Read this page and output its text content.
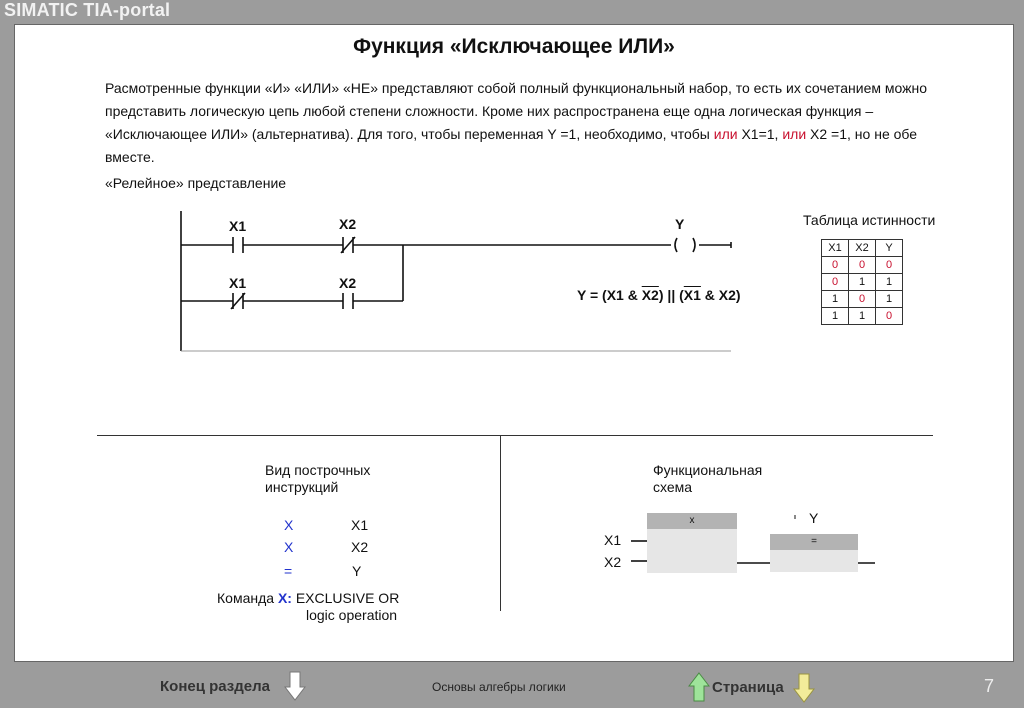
SIMATIC TIA-portal
Функция «Исключающее ИЛИ»
Расмотренные функции «И» «ИЛИ» «НЕ» представляют собой полный функциональный набор, то есть их сочетанием можно представить логическую цепь любой степени сложности. Кроме них распространена еще одна логическая функция – «Исключающее ИЛИ» (альтернатива). Для того, чтобы переменная Y =1, необходимо, чтобы или X1=1, или X2 =1, но не обе вместе.
«Релейное» представление
X1	X2
X1	X2
Y
Y = (X1 & X2) || (X1 & X2)
Таблица истинности
X1	X2	Y
0	0	0
0	1	1
1	0	1
1	1	0
Вид построчных
инструкций
X	X1
X	X2
=	Y
Команда X: EXCLUSIVE OR
logic operation
Функциональная
схема
X1
X2
Y
x
=
Конец раздела	Основы алгебры логики	Страница	7
